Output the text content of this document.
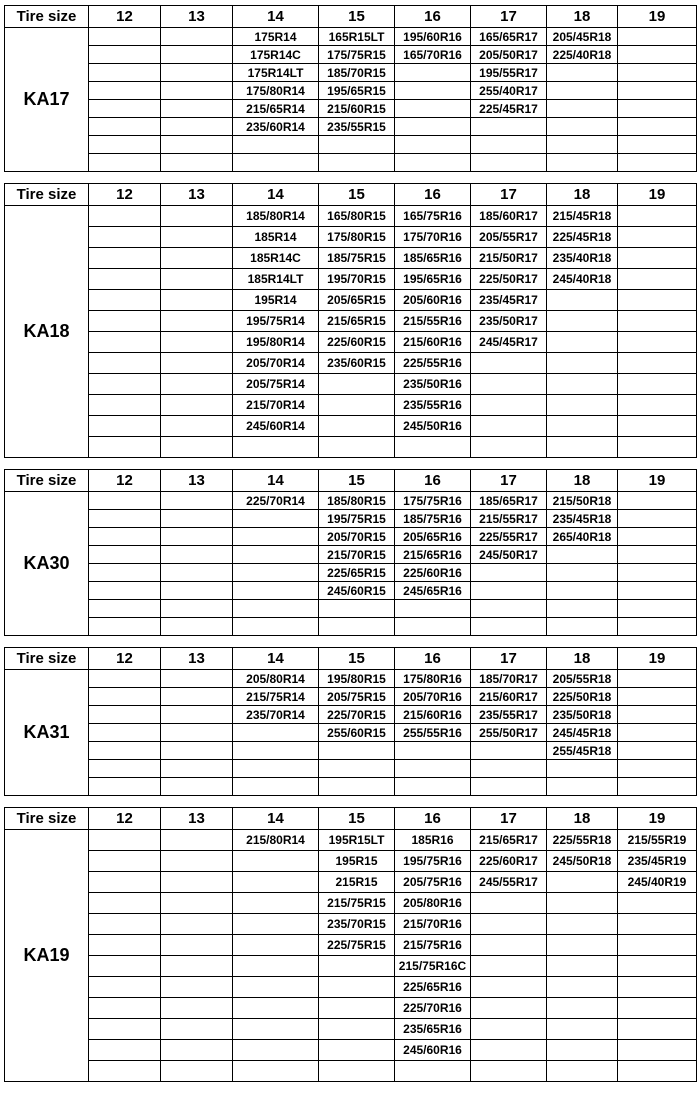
Tire size	12	13	14	15	16	17	18	19
KA17			175R14	165R15LT	195/60R16	165/65R17	205/45R18	
			175R14C	175/75R15	165/70R16	205/50R17	225/40R18	
			175R14LT	185/70R15		195/55R17		
			175/80R14	195/65R15		255/40R17		
			215/65R14	215/60R15		225/45R17		
			235/60R14	235/55R15				

Tire size	12	13	14	15	16	17	18	19
KA18			185/80R14	165/80R15	165/75R16	185/60R17	215/45R18	
			185R14	175/80R15	175/70R16	205/55R17	225/45R18	
			185R14C	185/75R15	185/65R16	215/50R17	235/40R18	
			185R14LT	195/70R15	195/65R16	225/50R17	245/40R18	
			195R14	205/65R15	205/60R16	235/45R17		
			195/75R14	215/65R15	215/55R16	235/50R17		
			195/80R14	225/60R15	215/60R16	245/45R17		
			205/70R14	235/60R15	225/55R16			
			205/75R14		235/50R16			
			215/70R14		235/55R16			
			245/60R14		245/50R16			

Tire size	12	13	14	15	16	17	18	19
KA30			225/70R14	185/80R15	175/75R16	185/65R17	215/50R18	
				195/75R15	185/75R16	215/55R17	235/45R18	
				205/70R15	205/65R16	225/55R17	265/40R18	
				215/70R15	215/65R16	245/50R17		
				225/65R15	225/60R16			
				245/60R15	245/65R16			

Tire size	12	13	14	15	16	17	18	19
KA31			205/80R14	195/80R15	175/80R16	185/70R17	205/55R18	
			215/75R14	205/75R15	205/70R16	215/60R17	225/50R18	
			235/70R14	225/70R15	215/60R16	235/55R17	235/50R18	
				255/60R15	255/55R16	255/50R17	245/45R18	
							255/45R18	

Tire size	12	13	14	15	16	17	18	19
KA19			215/80R14	195R15LT	185R16	215/65R17	225/55R18	215/55R19
				195R15	195/75R16	225/60R17	245/50R18	235/45R19
				215R15	205/75R16	245/55R17		245/40R19
				215/75R15	205/80R16			
				235/70R15	215/70R16			
				225/75R15	215/75R16			
					215/75R16C			
					225/65R16			
					225/70R16			
					235/65R16			
					245/60R16			
